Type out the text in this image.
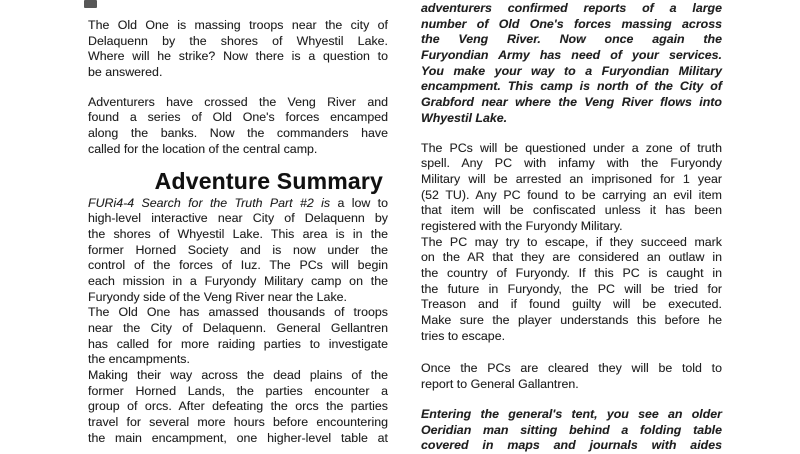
The Old One is massing troops near the city of
Delaquenn by the shores of Whyestil Lake.
Where will he strike? Now there is a question to
be answered.
Adventurers have crossed the Veng River and
found a series of Old One's forces encamped
along the banks. Now the commanders have
called for the location of the central camp.
Adventure Summary
FURi4-4 Search for the Truth Part #2 is a low to
high-level interactive near City of Delaquenn by
the shores of Whyestil Lake. This area is in the
former Horned Society and is now under the
control of the forces of Iuz. The PCs will begin
each mission in a Furyondy Military camp on the
Furyondy side of the Veng River near the Lake.
The Old One has amassed thousands of troops
near the City of Delaquenn. General Gellantren
has called for more raiding parties to investigate
the encampments.
Making their way across the dead plains of the
former Horned Lands, the parties encounter a
group of orcs. After defeating the orcs the parties
travel for several more hours before encountering
the main encampment, one higher-level table at
adventurers confirmed reports of a large
number of Old One's forces massing across
the Veng River. Now once again the
Furyondian Army has need of your services.
You make your way to a Furyondian Military
encampment. This camp is north of the City of
Grabford near where the Veng River flows into
Whyestil Lake.
The PCs will be questioned under a zone of truth
spell. Any PC with infamy with the Furyondy
Military will be arrested an imprisoned for 1 year
(52 TU). Any PC found to be carrying an evil item
that item will be confiscated unless it has been
registered with the Furyondy Military.
The PC may try to escape, if they succeed mark
on the AR that they are considered an outlaw in
the country of Furyondy. If this PC is caught in
the future in Furyondy, the PC will be tried for
Treason and if found guilty will be executed.
Make sure the player understands this before he
tries to escape.
Once the PCs are cleared they will be told to
report to General Gallantren.
Entering the general's tent, you see an older
Oeridian man sitting behind a folding table
covered in maps and journals with aides
